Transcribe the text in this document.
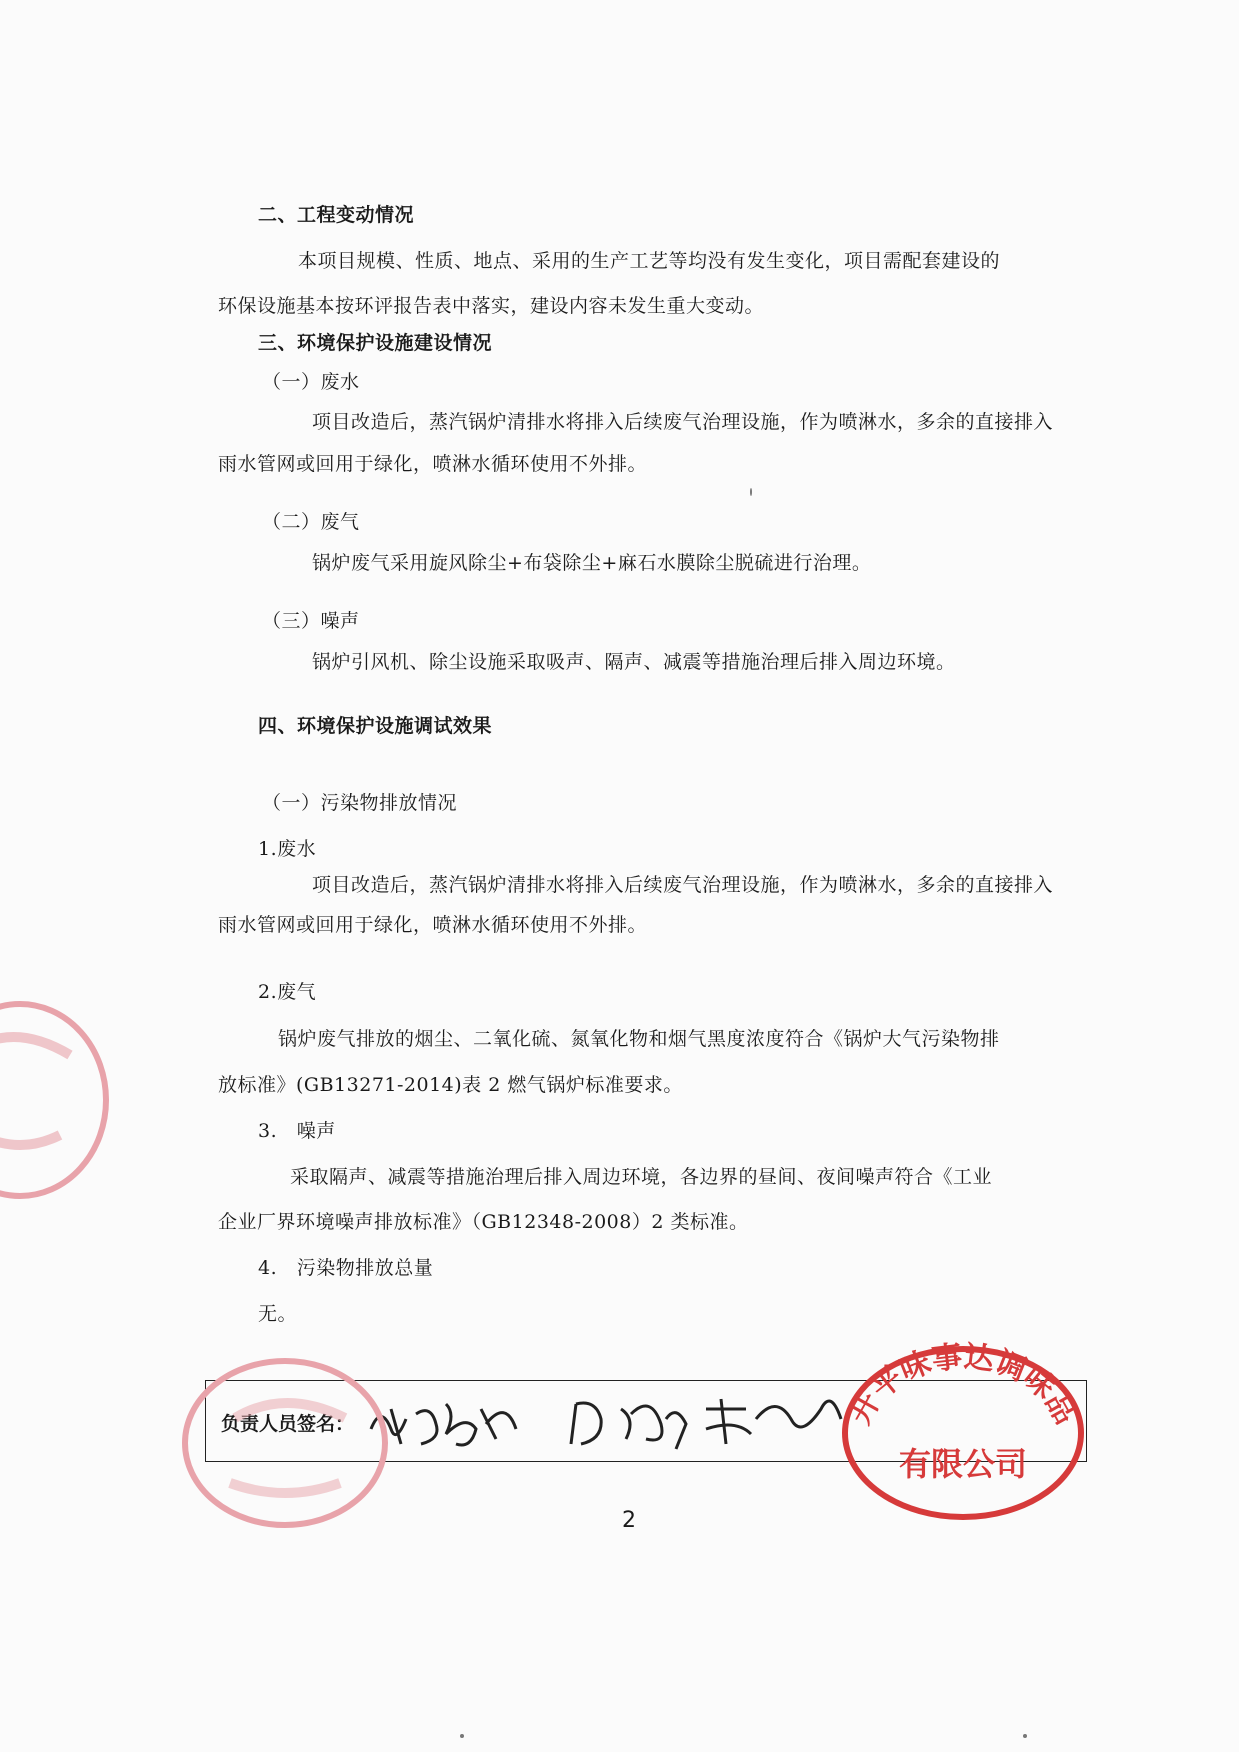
二、工程变动情况
本项目规模、性质、地点、采用的生产工艺等均没有发生变化，项目需配套建设的
环保设施基本按环评报告表中落实，建设内容未发生重大变动。
三、环境保护设施建设情况
（一）废水
项目改造后，蒸汽锅炉清排水将排入后续废气治理设施，作为喷淋水，多余的直接排入
雨水管网或回用于绿化，喷淋水循环使用不外排。
（二）废气
锅炉废气采用旋风除尘+布袋除尘+麻石水膜除尘脱硫进行治理。
（三）噪声
锅炉引风机、除尘设施采取吸声、隔声、减震等措施治理后排入周边环境。
四、环境保护设施调试效果
（一）污染物排放情况
1.废水
项目改造后，蒸汽锅炉清排水将排入后续废气治理设施，作为喷淋水，多余的直接排入
雨水管网或回用于绿化，喷淋水循环使用不外排。
2.废气
锅炉废气排放的烟尘、二氧化硫、氮氧化物和烟气黑度浓度符合《锅炉大气污染物排
放标准》(GB13271-2014)表 2 燃气锅炉标准要求。
3.   噪声
采取隔声、减震等措施治理后排入周边环境，各边界的昼间、夜间噪声符合《工业
企业厂界环境噪声排放标准》（GB12348-2008）2 类标准。
4.   污染物排放总量
无。
负责人员签名：	开平味事达调味品
有限公司
2
